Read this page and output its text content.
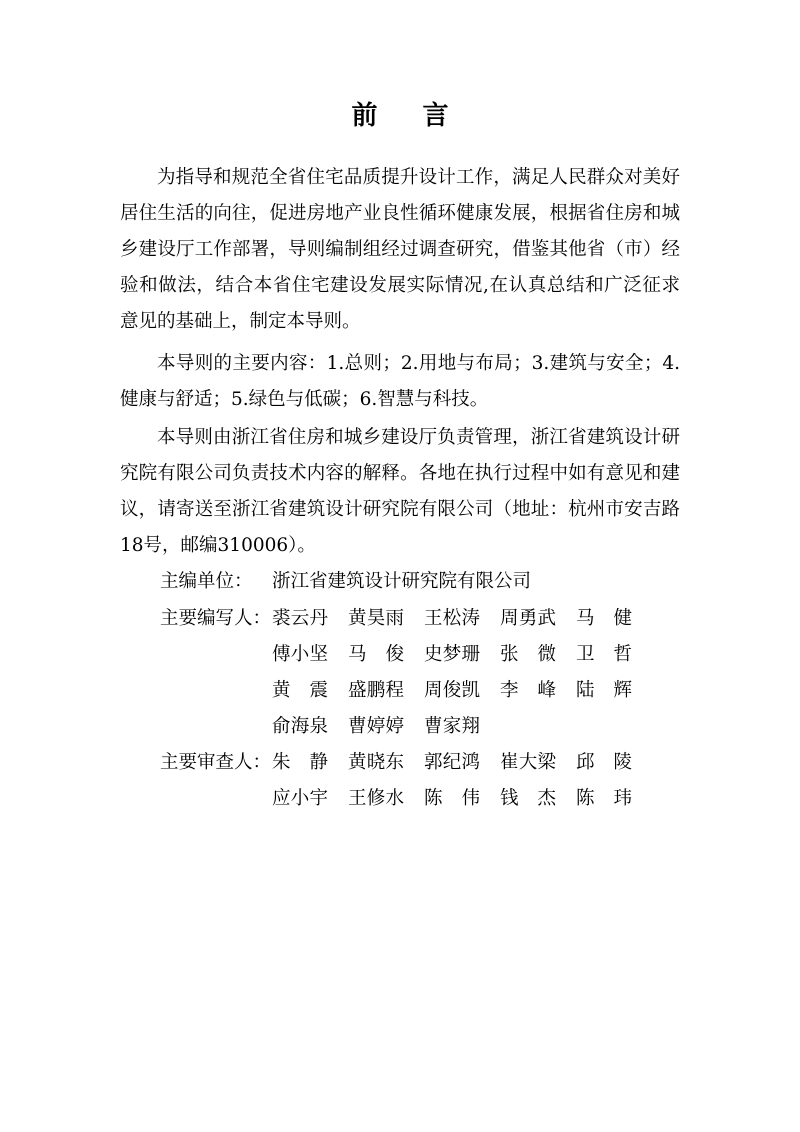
前 言

为指导和规范全省住宅品质提升设计工作，满足人民群众对美好居住生活的向往，促进房地产业良性循环健康发展，根据省住房和城乡建设厅工作部署，导则编制组经过调查研究，借鉴其他省（市）经验和做法，结合本省住宅建设发展实际情况,在认真总结和广泛征求意见的基础上，制定本导则。

本导则的主要内容：1.总则；2.用地与布局；3.建筑与安全；4.健康与舒适；5.绿色与低碳；6.智慧与科技。

本导则由浙江省住房和城乡建设厅负责管理，浙江省建筑设计研究院有限公司负责技术内容的解释。各地在执行过程中如有意见和建议，请寄送至浙江省建筑设计研究院有限公司（地址：杭州市安吉路18号，邮编310006）。

主编单位： 浙江省建筑设计研究院有限公司
主要编写人： 裘云丹 黄昊雨 王松涛 周勇武 马 健
傅小坚 马 俊 史梦珊 张 微 卫 哲
黄 震 盛鹏程 周俊凯 李 峰 陆 辉
俞海泉 曹婷婷 曹家翔
主要审查人： 朱 静 黄晓东 郭纪鸿 崔大梁 邱 陵
应小宇 王修水 陈 伟 钱 杰 陈 玮
